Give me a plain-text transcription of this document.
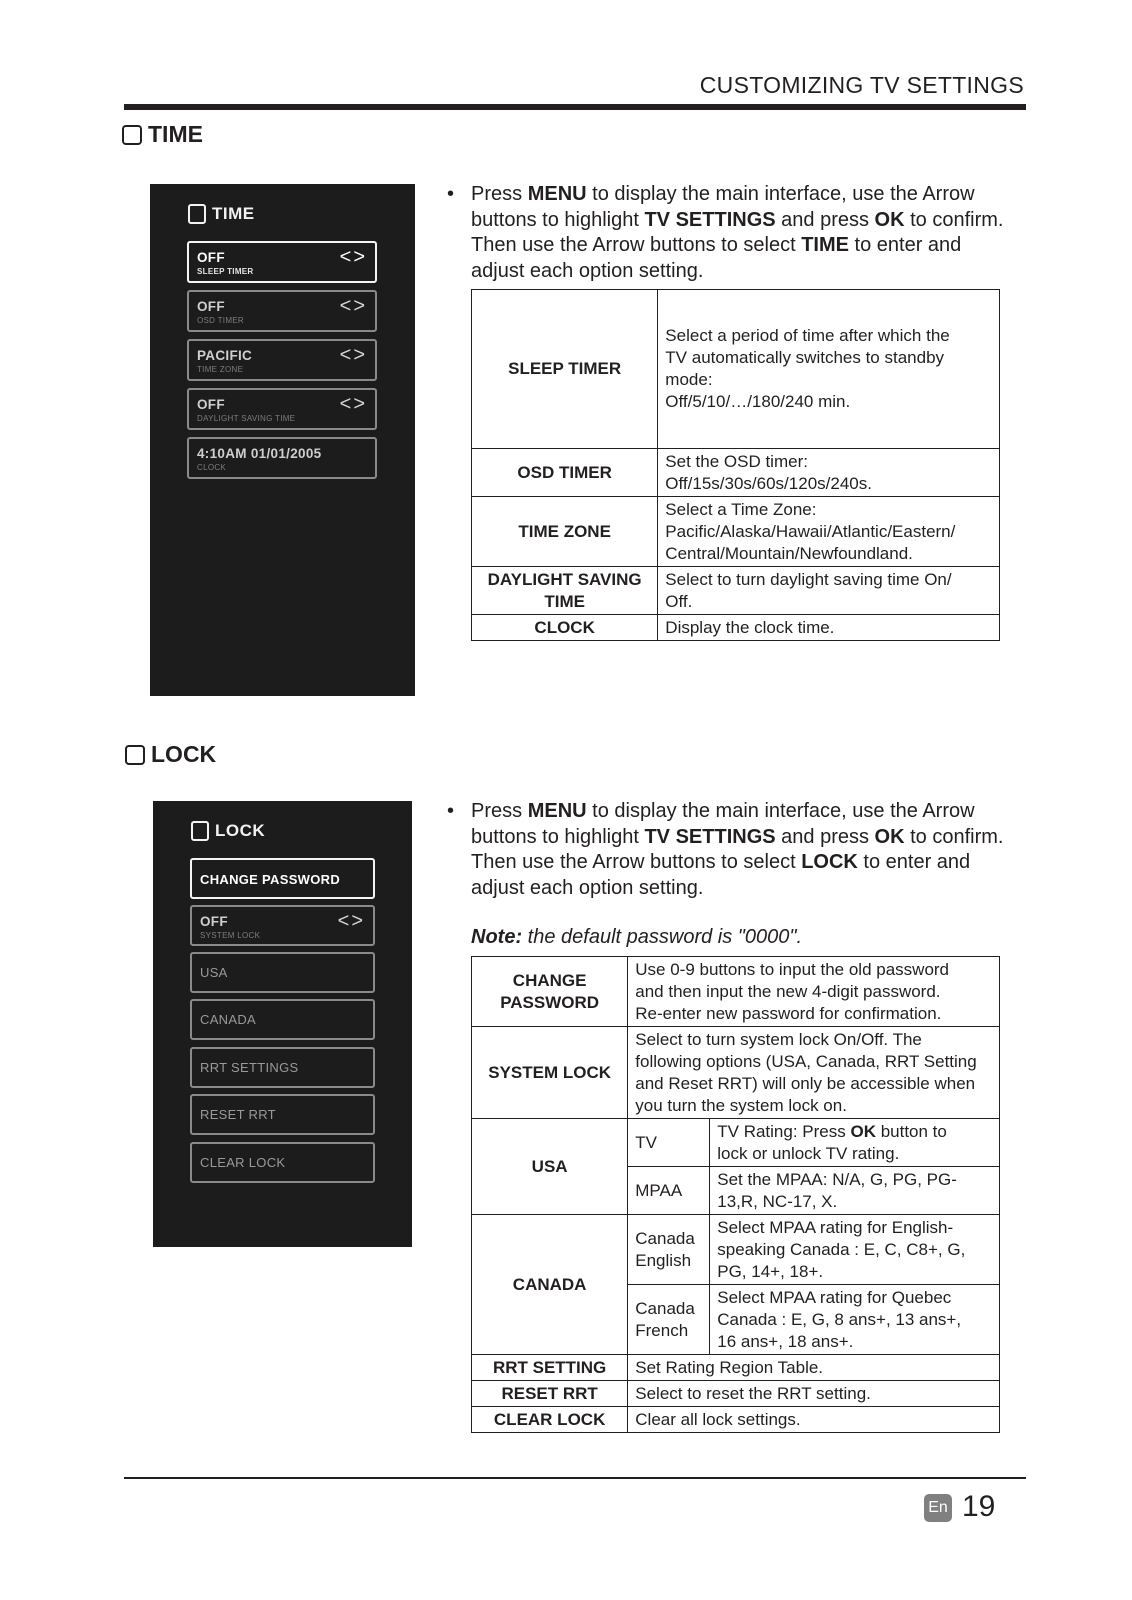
CUSTOMIZING TV SETTINGS
TIME
TIME
OFF
SLEEP TIMER
<>
OFF
OSD TIMER
<>
PACIFIC
TIME ZONE
<>
OFF
DAYLIGHT SAVING TIME
<>
4:10AM 01/01/2005
CLOCK
• Press MENU to display the main interface, use the Arrow buttons to highlight TV SETTINGS and press OK to confirm. Then use the Arrow buttons to select TIME to enter and adjust each option setting.
SLEEP TIMER	Select a period of time after which the
TV automatically switches to standby
mode:
Off/5/10/…/180/240 min.
OSD TIMER	Set the OSD timer:
Off/15s/30s/60s/120s/240s.
TIME ZONE	Select a Time Zone:
Pacific/Alaska/Hawaii/Atlantic/Eastern/
Central/Mountain/Newfoundland.
DAYLIGHT SAVING
TIME	Select to turn daylight saving time On/
Off.
CLOCK	Display the clock time.
LOCK
LOCK
CHANGE PASSWORD
OFF
SYSTEM LOCK
<>
USA
CANADA
RRT SETTINGS
RESET RRT
CLEAR LOCK
• Press MENU to display the main interface, use the Arrow buttons to highlight TV SETTINGS and press OK to confirm. Then use the Arrow buttons to select LOCK to enter and adjust each option setting.
Note: the default password is "0000".
CHANGE
PASSWORD	Use 0-9 buttons to input the old password
and then input the new 4-digit password.
Re-enter new password for confirmation.	
SYSTEM LOCK	Select to turn system lock On/Off. The
following options (USA, Canada, RRT Setting
and Reset RRT) will only be accessible when
you turn the system lock on.	
USA	TV	TV Rating: Press OK button to
lock or unlock TV rating.
	MPAA	Set the MPAA: N/A, G, PG, PG-
13,R, NC-17, X.
CANADA	Canada
English	Select MPAA rating for English-
speaking Canada : E, C, C8+, G,
PG, 14+, 18+.
	Canada
French	Select MPAA rating for Quebec
Canada : E, G, 8 ans+, 13 ans+,
16 ans+, 18 ans+.
RRT SETTING	Set Rating Region Table.	
RESET RRT	Select to reset the RRT setting.	
CLEAR LOCK	Clear all lock settings.	
En 19
